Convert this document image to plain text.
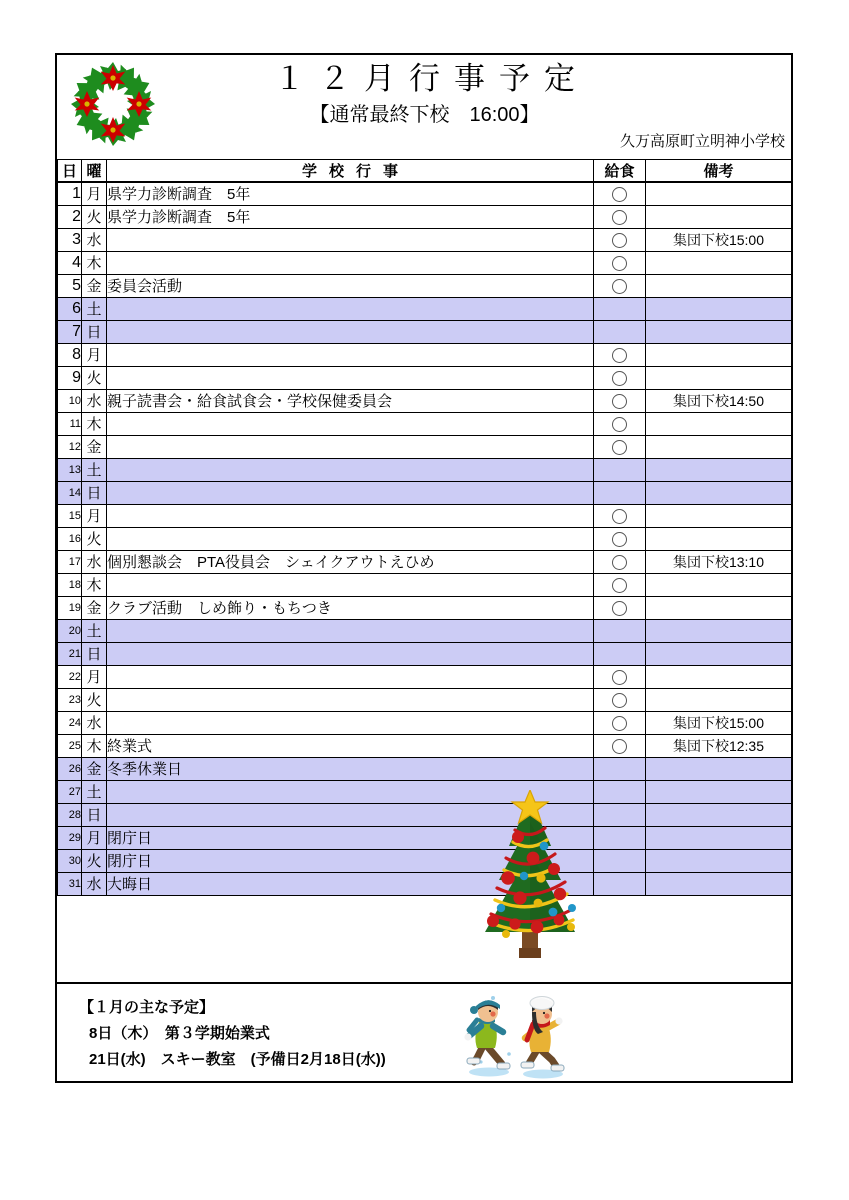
１２月行事予定
【通常最終下校　16:00】
久万高原町立明神小学校
日	曜	学校行事	給食	備考
1	月	県学力診断調査　5年		
2	火	県学力診断調査　5年		
3	水			集団下校15:00
4	木			
5	金	委員会活動		
6	土			
7	日			
8	月			
9	火			
10	水	親子読書会・給食試食会・学校保健委員会		集団下校14:50
11	木			
12	金			
13	土			
14	日			
15	月			
16	火			
17	水	個別懇談会　PTA役員会　シェイクアウトえひめ		集団下校13:10
18	木			
19	金	クラブ活動　しめ飾り・もちつき		
20	土			
21	日			
22	月			
23	火			
24	水			集団下校15:00
25	木	終業式		集団下校12:35
26	金	冬季休業日		
27	土			
28	日			
29	月	閉庁日		
30	火	閉庁日		
31	水	大晦日		
【１月の主な予定】
8日（木）　第３学期始業式
21日(水)　スキー教室　(予備日2月18日(水))
